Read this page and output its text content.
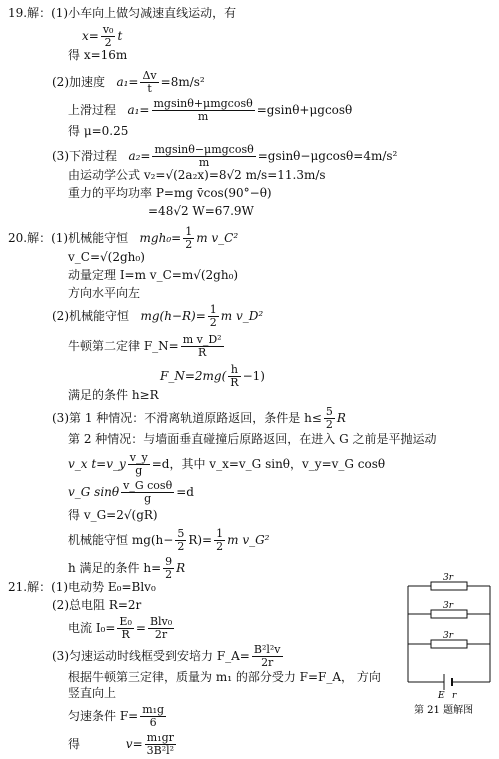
19.解：(1)小车向上做匀减速直线运动，有
$x= \frac{\text{v₀}}{2}$ t
得 x=16m
(2)加速度 $a_1= \frac{\Delta v}{t} =8m/s^2$
上滑过程 $a_1= \frac{\text{mgsinθ+μmgcosθ}}{m} =gsin\theta+\mu gcos\theta$
得 μ=0.25
(3)下滑过程 $a_2= \frac{\text{mgsinθ−μmgcosθ}}{m} =gsin\theta-\mu gcos\theta=4m/s^2$
由运动学公式 v₂=√(2a₂x)=8√2 m/s=11.3m/s
重力的平均功率 P=mg v̄cos(90°−θ)
=48√2 W=67.9W
20.解：(1)机械能守恒 $mgh_0= \frac{1}{2}$ m v_C²
v_C=√(2gh₀)
动量定理 I=m v_C=m√(2gh₀)
方向水平向左
(2)机械能守恒 $mg(h-R)= \frac{1}{2}$ m v_D²
牛顿第二定律 F_N= $\frac{\text{m v\_D²}}{R}$
F_N=2mg( $\frac{h}{R} -1$)
满足的条件 h≥R
(3)第 1 种情况：不滑离轨道原路返回，条件是 $h\le \frac{5}{2}$ R
第 2 种情况：与墙面垂直碰撞后原路返回，在进入 G 之前是平抛运动
v_x t=v_y $\frac{v\_y}{g} =d$，其中 v_x=v_G sinθ，v_y=v_G cosθ
v_G sinθ $\frac{\text{v\_G cosθ}}{g} =d$
得 v_G=2√(gR)
机械能守恒 $mg(h- \frac{5}{2} R)= \frac{1}{2}$ m v_G²
h 满足的条件 $h= \frac{9}{2}$ R
21.解：(1)电动势 E₀=Blv₀
(2)总电阻 R=2r
电流 $I_0= \frac{\text{E₀}}{R} = \frac{\text{Blv₀}}{2r}$
(3)匀速运动时线框受到安培力 F_A= $\frac{\text{B²l²v}}{2r}$
根据牛顿第三定律，质量为 m₁ 的部分受力 F=F_A， 方向
竖直向上
匀速条件 $F= \frac{\text{m₁g}}{6}$
得	$v= \frac{\text{m₁gr}}{\text{3B²l²}}$
3r
3r
3r
E r
第 21 题解图
